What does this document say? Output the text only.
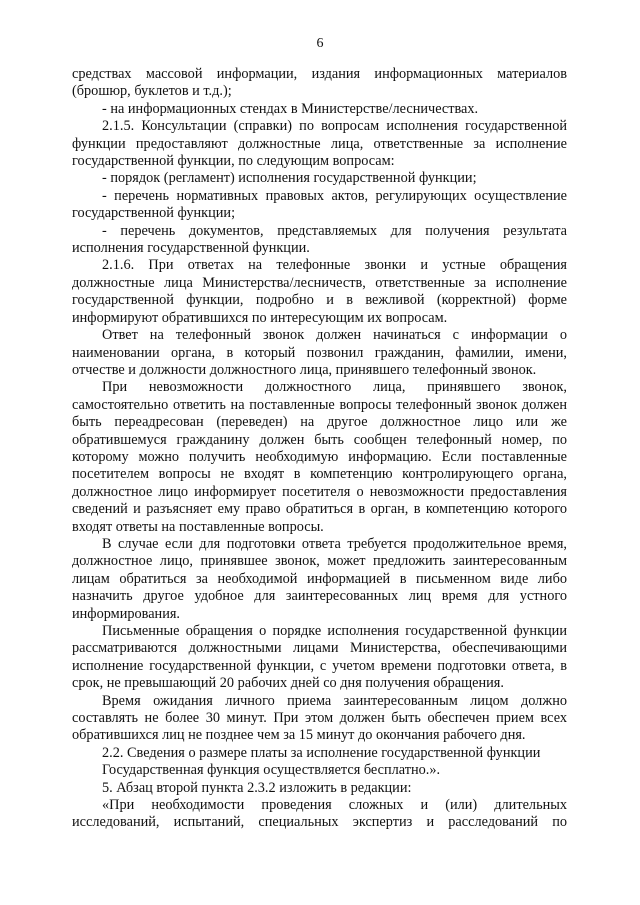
6

средствах массовой информации, издания информационных материалов (брошюр, буклетов и т.д.);

- на информационных стендах в Министерстве/лесничествах.

2.1.5. Консультации (справки) по вопросам исполнения государственной функции предоставляют должностные лица, ответственные за исполнение государственной функции, по следующим вопросам:

- порядок (регламент) исполнения государственной функции;

- перечень нормативных правовых актов, регулирующих осуществление государственной функции;

- перечень документов, представляемых для получения результата исполнения государственной функции.

2.1.6. При ответах на телефонные звонки и устные обращения должностные лица Министерства/лесничеств, ответственные за исполнение государственной функции, подробно и в вежливой (корректной) форме информируют обратившихся по интересующим их вопросам.

Ответ на телефонный звонок должен начинаться с информации о наименовании органа, в который позвонил гражданин, фамилии, имени, отчестве и должности должностного лица, принявшего телефонный звонок.

При невозможности должностного лица, принявшего звонок, самостоятельно ответить на поставленные вопросы телефонный звонок должен быть переадресован (переведен) на другое должностное лицо или же обратившемуся гражданину должен быть сообщен телефонный номер, по которому можно получить необходимую информацию. Если поставленные посетителем вопросы не входят в компетенцию контролирующего органа, должностное лицо информирует посетителя о невозможности предоставления сведений и разъясняет ему право обратиться в орган, в компетенцию которого входят ответы на поставленные вопросы.

В случае если для подготовки ответа требуется продолжительное время, должностное лицо, принявшее звонок, может предложить заинтересованным лицам обратиться за необходимой информацией в письменном виде либо назначить другое удобное для заинтересованных лиц время для устного информирования.

Письменные обращения о порядке исполнения государственной функции рассматриваются должностными лицами Министерства, обеспечивающими исполнение государственной функции, с учетом времени подготовки ответа, в срок, не превышающий 20 рабочих дней со дня получения обращения.

Время ожидания личного приема заинтересованным лицом должно составлять не более 30 минут. При этом должен быть обеспечен прием всех обратившихся лиц не позднее чем за 15 минут до окончания рабочего дня.

2.2. Сведения о размере платы за исполнение государственной функции

Государственная функция осуществляется бесплатно.».

5. Абзац второй пункта 2.3.2 изложить в редакции:

«При необходимости проведения сложных и (или) длительных исследований, испытаний, специальных экспертиз и расследований по
